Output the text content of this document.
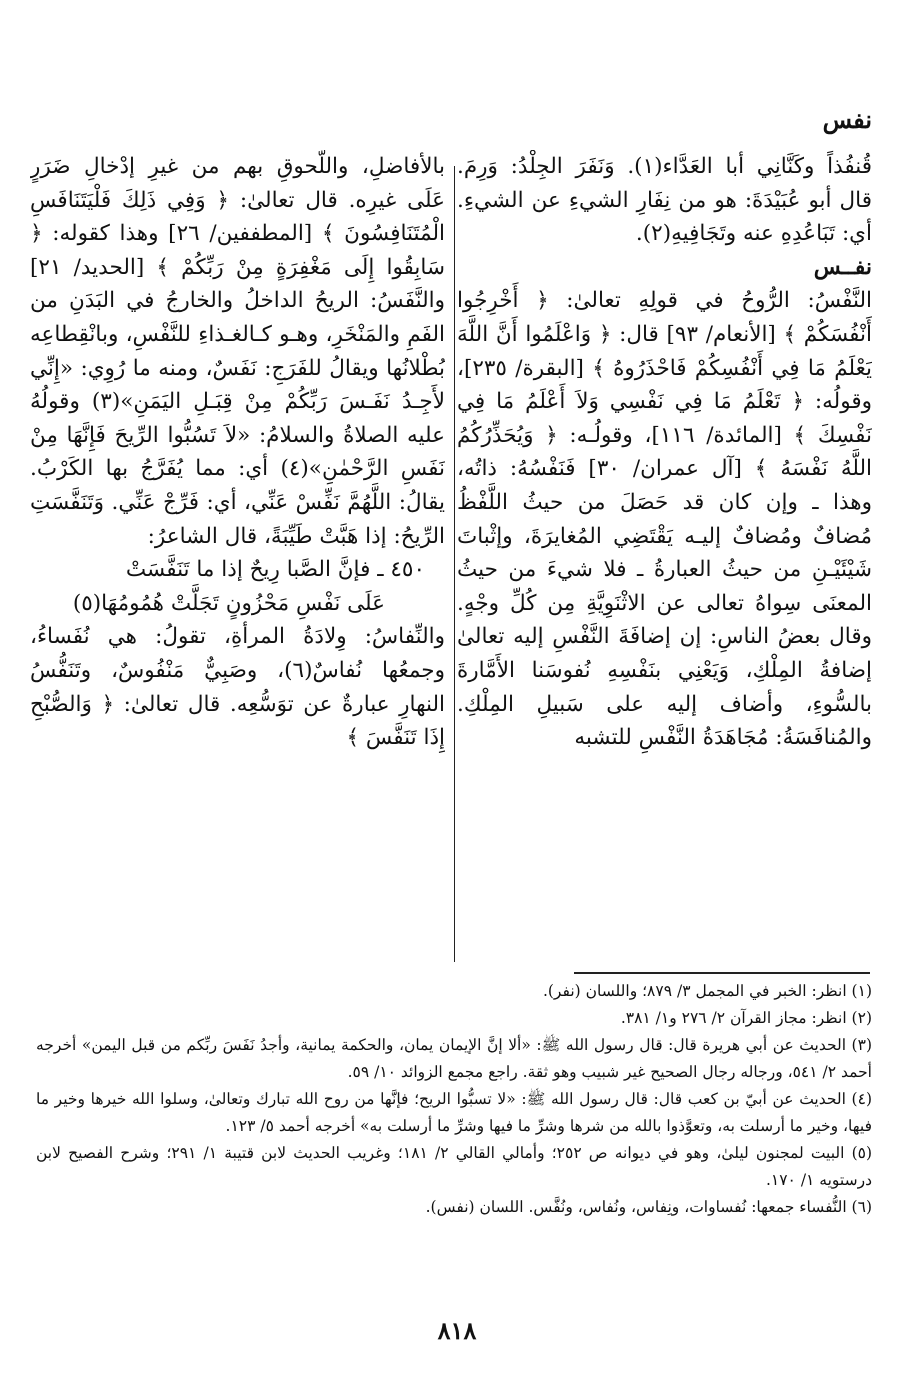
نفس

قُنفُذاً وكَنَّانِي أبا العَدَّاء(١). وَنَفَرَ الجِلْدُ: وَرِمَ. قال أبو عُبَيْدَةَ: هو من نِفَارِ الشيءِ عن الشيءِ. أي: تَبَاعُدِهِ عنه وتَجَافِيهِ(٢).

نفــس

النَّفْسُ: الرُّوحُ في قولِهِ تعالىٰ: ﴿ أَخْرِجُوا أَنْفُسَكُمْ ﴾ [الأنعام/ ٩٣] قال: ﴿ وَاعْلَمُوا أَنَّ اللَّهَ يَعْلَمُ مَا فِي أَنْفُسِكُمْ فَاحْذَرُوهُ ﴾ [البقرة/ ٢٣٥]، وقولُه: ﴿ تَعْلَمُ مَا فِي نَفْسِي وَلاَ أَعْلَمُ مَا فِي نَفْسِكَ ﴾ [المائدة/ ١١٦]، وقولُـه: ﴿ وَيُحَذِّرُكُمُ اللَّهُ نَفْسَهُ ﴾ [آل عمران/ ٣٠] فَنَفْسُهُ: ذاتُه، وهذا ـ وإن كان قد حَصَلَ من حيثُ اللَّفْظُ مُضافٌ ومُضافٌ إليـه يَقْتَضِي المُغايرَةَ، وإثْباتَ شَيْئَيْـنِ من حيثُ العبارةُ ـ فلا شيءَ من حيثُ المعنَى سِواهُ تعالى عن الاثْنَوِيَّةِ مِن كُلِّ وجْهٍ. وقال بعضُ الناسِ: إن إضافَةَ النَّفْسِ إليه تعالىٰ إضافةُ المِلْكِ، وَيَعْنِي بنَفْسِهِ نُفوسَنا الأَمَّارةَ بالسُّوءِ، وأضاف إليه على سَبيلِ المِلْكِ. والمُنافَسَةُ: مُجَاهَدَةُ النَّفْسِ للتشبه

بالأفاضلِ، واللُّحوقِ بهم من غيرِ إدْخالِ ضَرَرٍ عَلَى غيرِه. قال تعالىٰ: ﴿ وَفِي ذَلِكَ فَلْيَتَنَافَسِ الْمُتَنَافِسُونَ ﴾ [المطففين/ ٢٦] وهذا كقوله: ﴿ سَابِقُوا إِلَى مَغْفِرَةٍ مِنْ رَبِّكُمْ ﴾ [الحديد/ ٢١] والنَّفَسُ: الريحُ الداخلُ والخارجُ في البَدَنِ من الفَمِ والمَنْخَرِ، وهـو كـالغـذاءِ للنَّفْسِ، وبانْقِطاعِه بُطْلانُها ويقالُ للفَرَجِ: نَفَسٌ، ومنه ما رُوِي: «إِنِّي لأَجِـدُ نَفَـسَ رَبِّكُمْ مِنْ قِبَـلِ اليَمَنِ»(٣) وقولُهُ عليه الصلاةُ والسلامُ: «لاَ تَسُبُّوا الرِّيحَ فَإِنَّهَا مِنْ نَفَسِ الرَّحْمٰنِ»(٤) أي: مما يُفَرَّجُ بها الكَرْبُ. يقالُ: اللَّهُمَّ نَفِّسْ عَنِّي، أي: فَرِّجْ عَنِّي. وَتَنَفَّسَتِ الرِّيحُ: إذا هَبَّتْ طَيِّبَةً، قال الشاعرُ:

٤٥٠ ـ فإنَّ الصَّبا رِيحٌ إذا ما تَنَفَّسَتْ

عَلَى نَفْسِ مَحْزُونٍ تَجَلَّتْ هُمُومُهَا(٥)

والنِّفاسُ: وِلادَةُ المرأةِ، تقولُ: هي نُفَساءُ، وجمعُها نُفاسٌ(٦)، وصَبِيٌّ مَنْفُوسٌ، وتَنَفُّسُ النهارِ عبارةٌ عن توَسُّعِه. قال تعالىٰ: ﴿ وَالصُّبْحِ إِذَا تَنَفَّسَ ﴾

(١) انظر: الخبر في المجمل ٣/ ٨٧٩؛ واللسان (نفر).

(٢) انظر: مجاز القرآن ٢/ ٢٧٦ و١/ ٣٨١.

(٣) الحديث عن أبي هريرة قال: قال رسول الله ﷺ: «ألا إنَّ الإيمان يمان، والحكمة يمانية، وأجدُ نَفَسَ ربِّكم من قبل اليمن» أخرجه أحمد ٢/ ٥٤١، ورجاله رجال الصحيح غير شبيب وهو ثقة. راجع مجمع الزوائد ١٠/ ٥٩.

(٤) الحديث عن أبيّ بن كعب قال: قال رسول الله ﷺ: «لا تسبُّوا الريح؛ فإنَّها من روح الله تبارك وتعالىٰ، وسلوا الله خيرها وخير ما فيها، وخير ما أرسلت به، وتعوَّذوا بالله من شرها وشرِّ ما فيها وشرِّ ما أرسلت به» أخرجه أحمد ٥/ ١٢٣.

(٥) البيت لمجنون ليلىٰ، وهو في ديوانه ص ٢٥٢؛ وأمالي القالي ٢/ ١٨١؛ وغريب الحديث لابن قتيبة ١/ ٢٩١؛ وشرح الفصيح لابن درستويه ١/ ١٧٠.

(٦) النُّفساء جمعها: نُفساوات، ونِفاس، ونُفاس، ونُفَّس. اللسان (نفس).

٨١٨
